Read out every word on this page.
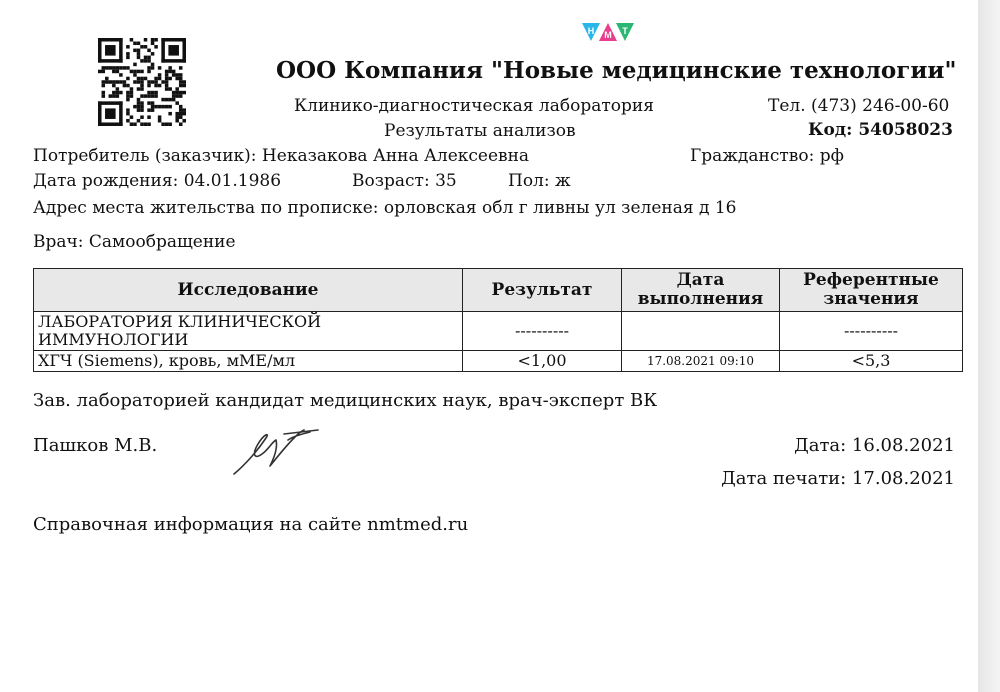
Н М Т
ООО Компания "Новые медицинские технологии"
Клинико-диагностическая лаборатория	Тел. (473) 246-00-60
Результаты анализов	Код: 54058023
Потребитель (заказчик): Неказакова Анна Алексеевна	Гражданство: рф
Дата рождения: 04.01.1986	Возраст: 35	Пол: ж
Адрес места жительства по прописке: орловская обл г ливны ул зеленая д 16
Врач: Самообращение
Исследование	Результат	Дата выполнения	Референтные значения
ЛАБОРАТОРИЯ КЛИНИЧЕСКОЙ ИММУНОЛОГИИ	----------		----------
ХГЧ (Siemens), кровь, мМЕ/мл	<1,00	17.08.2021 09:10	<5,3
Зав. лабораторией кандидат медицинских наук, врач-эксперт ВК
Пашков М.В.	Дата: 16.08.2021
Дата печати: 17.08.2021
Справочная информация на сайте nmtmed.ru
